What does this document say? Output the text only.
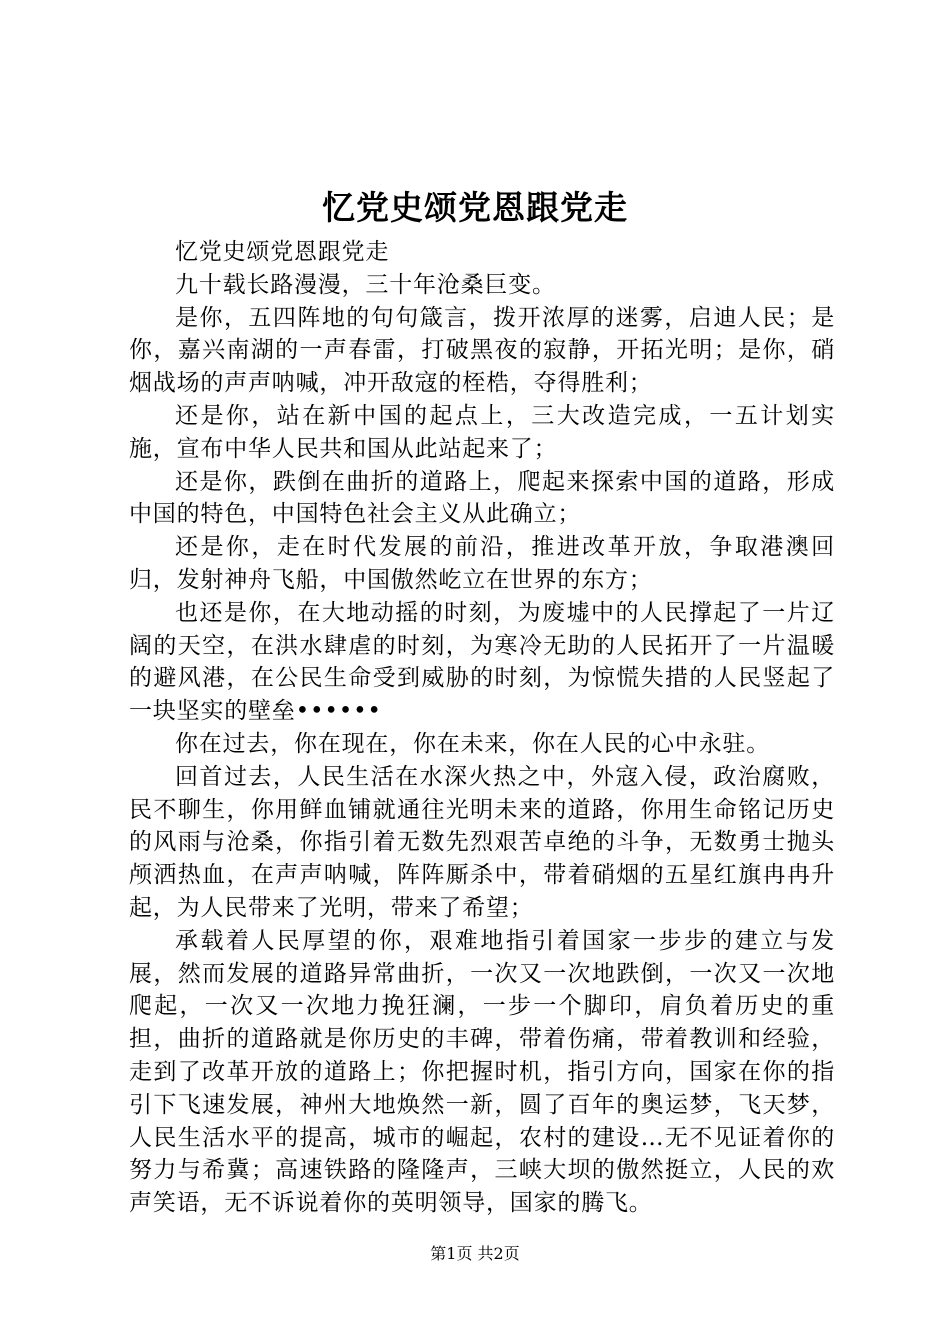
忆党史颂党恩跟党走

忆党史颂党恩跟党走

九十载长路漫漫，三十年沧桑巨变。

是你，五四阵地的句句箴言，拨开浓厚的迷雾，启迪人民；是你，嘉兴南湖的一声春雷，打破黑夜的寂静，开拓光明；是你，硝烟战场的声声呐喊，冲开敌寇的桎梏，夺得胜利；

还是你，站在新中国的起点上，三大改造完成，一五计划实施，宣布中华人民共和国从此站起来了；

还是你，跌倒在曲折的道路上，爬起来探索中国的道路，形成中国的特色，中国特色社会主义从此确立；

还是你，走在时代发展的前沿，推进改革开放，争取港澳回归，发射神舟飞船，中国傲然屹立在世界的东方；

也还是你，在大地动摇的时刻，为废墟中的人民撑起了一片辽阔的天空，在洪水肆虐的时刻，为寒冷无助的人民拓开了一片温暖的避风港，在公民生命受到威胁的时刻，为惊慌失措的人民竖起了一块坚实的壁垒••••••

你在过去，你在现在，你在未来，你在人民的心中永驻。

回首过去，人民生活在水深火热之中，外寇入侵，政治腐败，民不聊生，你用鲜血铺就通往光明未来的道路，你用生命铭记历史的风雨与沧桑，你指引着无数先烈艰苦卓绝的斗争，无数勇士抛头颅洒热血，在声声呐喊，阵阵厮杀中，带着硝烟的五星红旗冉冉升起，为人民带来了光明，带来了希望；

承载着人民厚望的你，艰难地指引着国家一步步的建立与发展，然而发展的道路异常曲折，一次又一次地跌倒，一次又一次地爬起，一次又一次地力挽狂澜，一步一个脚印，肩负着历史的重担，曲折的道路就是你历史的丰碑，带着伤痛，带着教训和经验，走到了改革开放的道路上；你把握时机，指引方向，国家在你的指引下飞速发展，神州大地焕然一新，圆了百年的奥运梦，飞天梦，人民生活水平的提高，城市的崛起，农村的建设…无不见证着你的努力与希冀；高速铁路的隆隆声，三峡大坝的傲然挺立，人民的欢声笑语，无不诉说着你的英明领导，国家的腾飞。

第1页 共2页
